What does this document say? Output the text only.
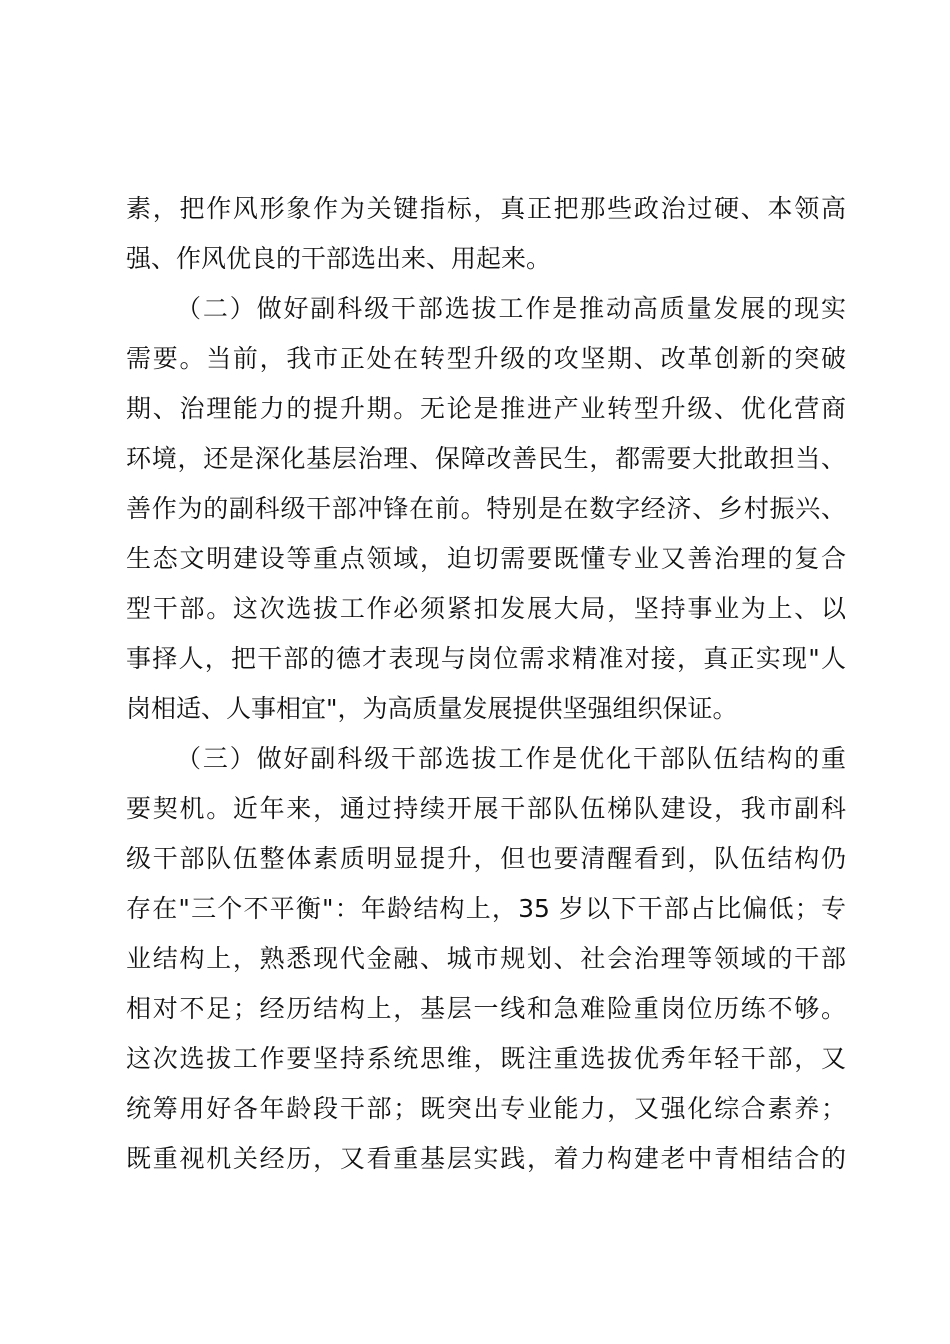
素，把作风形象作为关键指标，真正把那些政治过硬、本领高
强、作风优良的干部选出来、用起来。
（二）做好副科级干部选拔工作是推动高质量发展的现实
需要。当前，我市正处在转型升级的攻坚期、改革创新的突破
期、治理能力的提升期。无论是推进产业转型升级、优化营商
环境，还是深化基层治理、保障改善民生，都需要大批敢担当、
善作为的副科级干部冲锋在前。特别是在数字经济、乡村振兴、
生态文明建设等重点领域，迫切需要既懂专业又善治理的复合
型干部。这次选拔工作必须紧扣发展大局，坚持事业为上、以
事择人，把干部的德才表现与岗位需求精准对接，真正实现"人
岗相适、人事相宜"，为高质量发展提供坚强组织保证。
（三）做好副科级干部选拔工作是优化干部队伍结构的重
要契机。近年来，通过持续开展干部队伍梯队建设，我市副科
级干部队伍整体素质明显提升，但也要清醒看到，队伍结构仍
存在"三个不平衡"：年龄结构上，35 岁以下干部占比偏低；专
业结构上，熟悉现代金融、城市规划、社会治理等领域的干部
相对不足；经历结构上，基层一线和急难险重岗位历练不够。
这次选拔工作要坚持系统思维，既注重选拔优秀年轻干部，又
统筹用好各年龄段干部；既突出专业能力，又强化综合素养；
既重视机关经历，又看重基层实践，着力构建老中青相结合的
